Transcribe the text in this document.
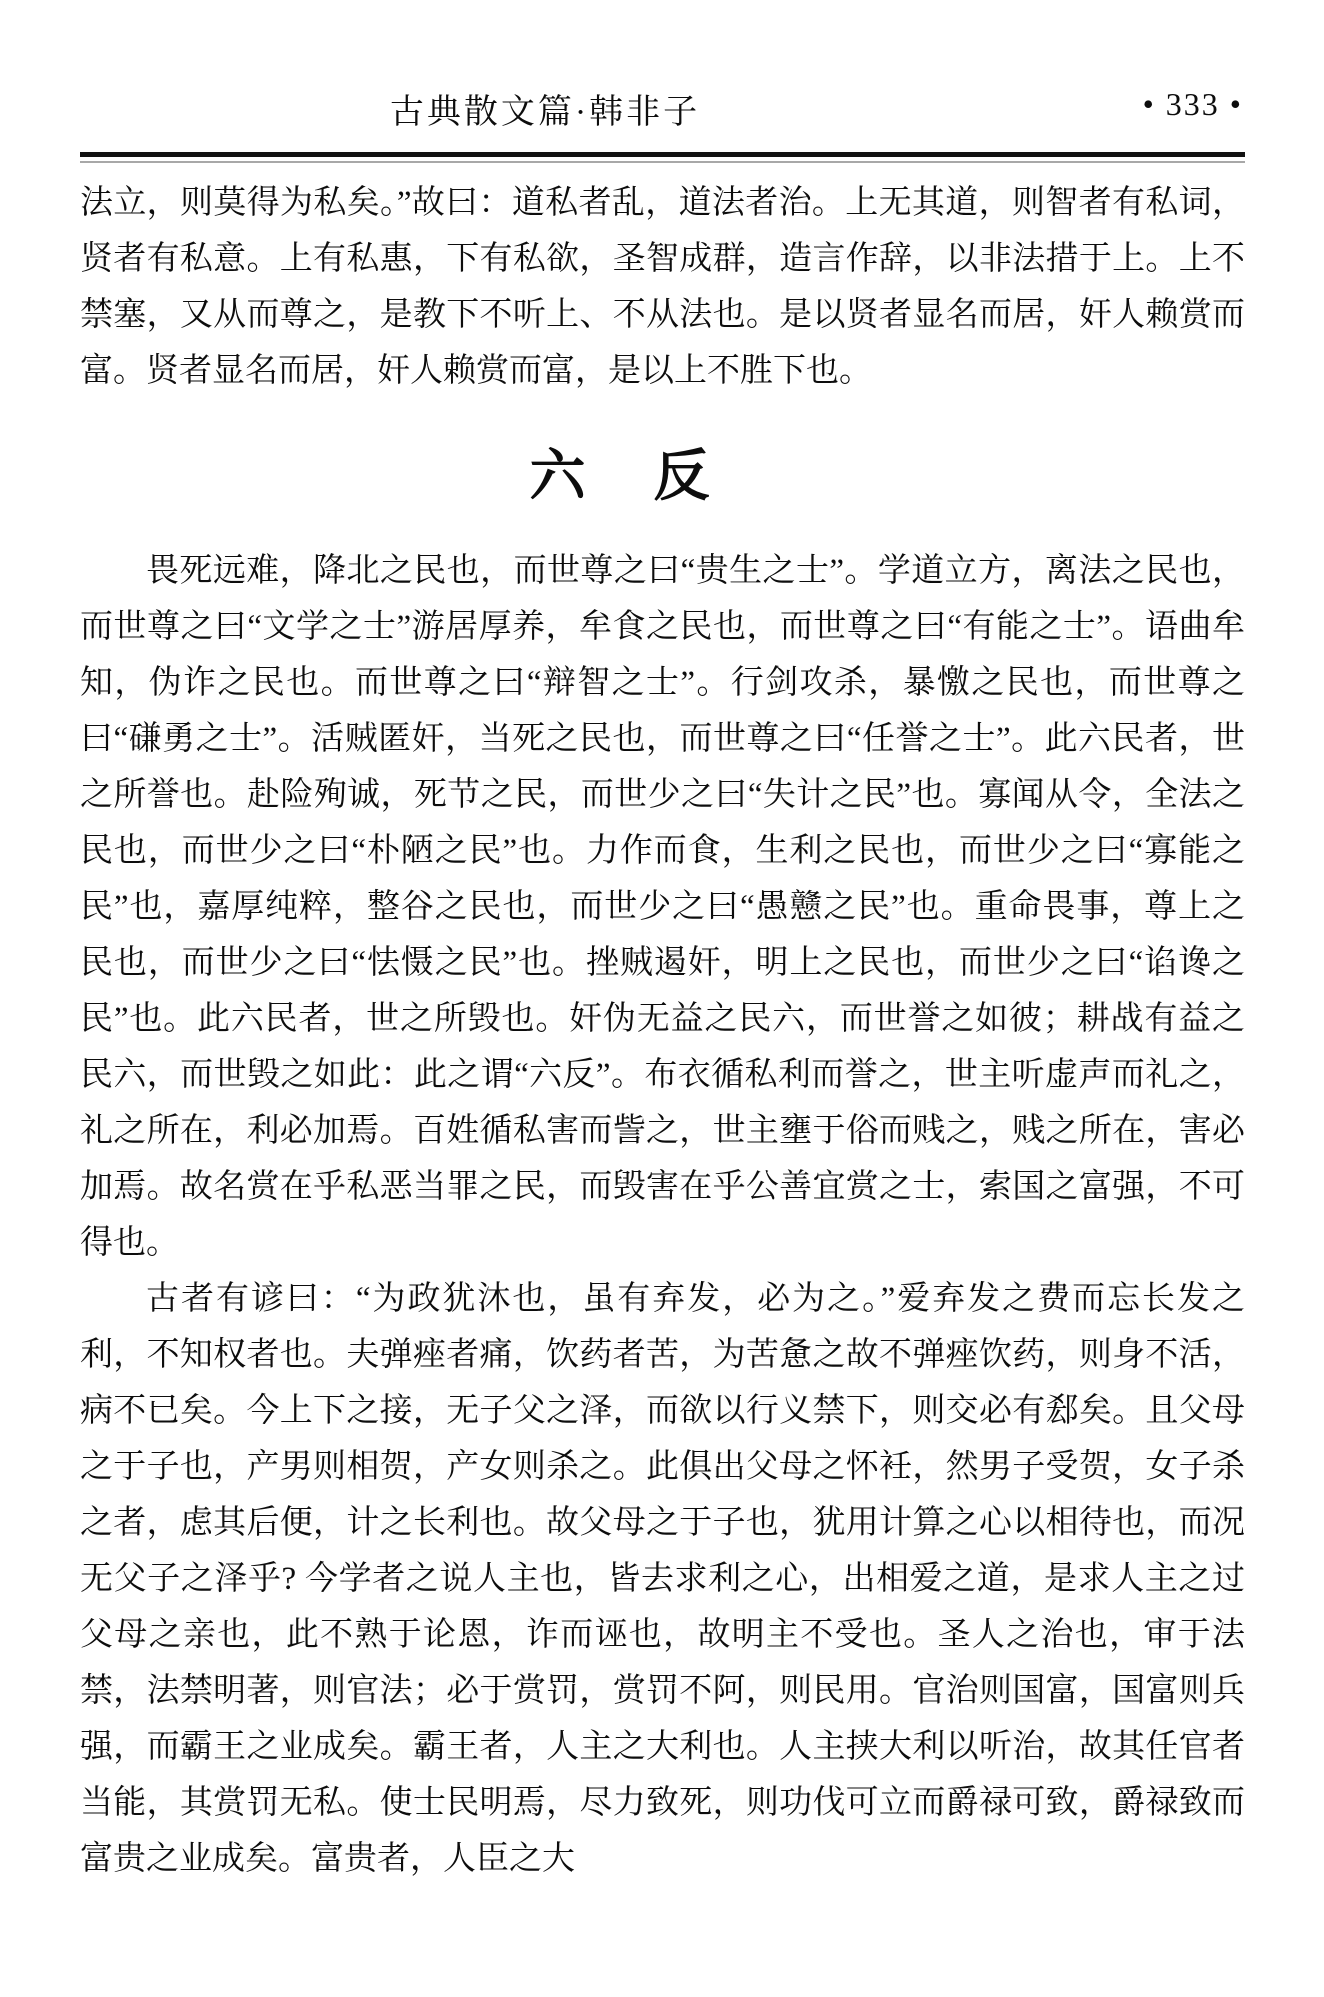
古典散文篇·韩非子	• 333 •

法立，则莫得为私矣。”故曰：道私者乱，道法者治。上无其道，则智者有私词，贤者有私意。上有私惠，下有私欲，圣智成群，造言作辞，以非法措于上。上不禁塞，又从而尊之，是教下不听上、不从法也。是以贤者显名而居，奸人赖赏而富。贤者显名而居，奸人赖赏而富，是以上不胜下也。

六　反

畏死远难，降北之民也，而世尊之曰“贵生之士”。学道立方，离法之民也，而世尊之曰“文学之士”游居厚养，牟食之民也，而世尊之曰“有能之士”。语曲牟知，伪诈之民也。而世尊之曰“辩智之士”。行剑攻杀，暴憿之民也，而世尊之曰“磏勇之士”。活贼匿奸，当死之民也，而世尊之曰“任誉之士”。此六民者，世之所誉也。赴险殉诚，死节之民，而世少之曰“失计之民”也。寡闻从令，全法之民也，而世少之曰“朴陋之民”也。力作而食，生利之民也，而世少之曰“寡能之民”也，嘉厚纯粹，整谷之民也，而世少之曰“愚戆之民”也。重命畏事，尊上之民也，而世少之曰“怯慑之民”也。挫贼遏奸，明上之民也，而世少之曰“谄谗之民”也。此六民者，世之所毁也。奸伪无益之民六，而世誉之如彼；耕战有益之民六，而世毁之如此：此之谓“六反”。布衣循私利而誉之，世主听虚声而礼之，礼之所在，利必加焉。百姓循私害而訾之，世主壅于俗而贱之，贱之所在，害必加焉。故名赏在乎私恶当罪之民，而毁害在乎公善宜赏之士，索国之富强，不可得也。

古者有谚曰：“为政犹沐也，虽有弃发，必为之。”爱弃发之费而忘长发之利，不知权者也。夫弹痤者痛，饮药者苦，为苦惫之故不弹痤饮药，则身不活，病不已矣。今上下之接，无子父之泽，而欲以行义禁下，则交必有郄矣。且父母之于子也，产男则相贺，产女则杀之。此俱出父母之怀衽，然男子受贺，女子杀之者，虑其后便，计之长利也。故父母之于子也，犹用计算之心以相待也，而况无父子之泽乎? 今学者之说人主也，皆去求利之心，出相爱之道，是求人主之过父母之亲也，此不熟于论恩，诈而诬也，故明主不受也。圣人之治也，审于法禁，法禁明著，则官法；必于赏罚，赏罚不阿，则民用。官治则国富，国富则兵强，而霸王之业成矣。霸王者，人主之大利也。人主挟大利以听治，故其任官者当能，其赏罚无私。使士民明焉，尽力致死，则功伐可立而爵禄可致，爵禄致而富贵之业成矣。富贵者，人臣之大
